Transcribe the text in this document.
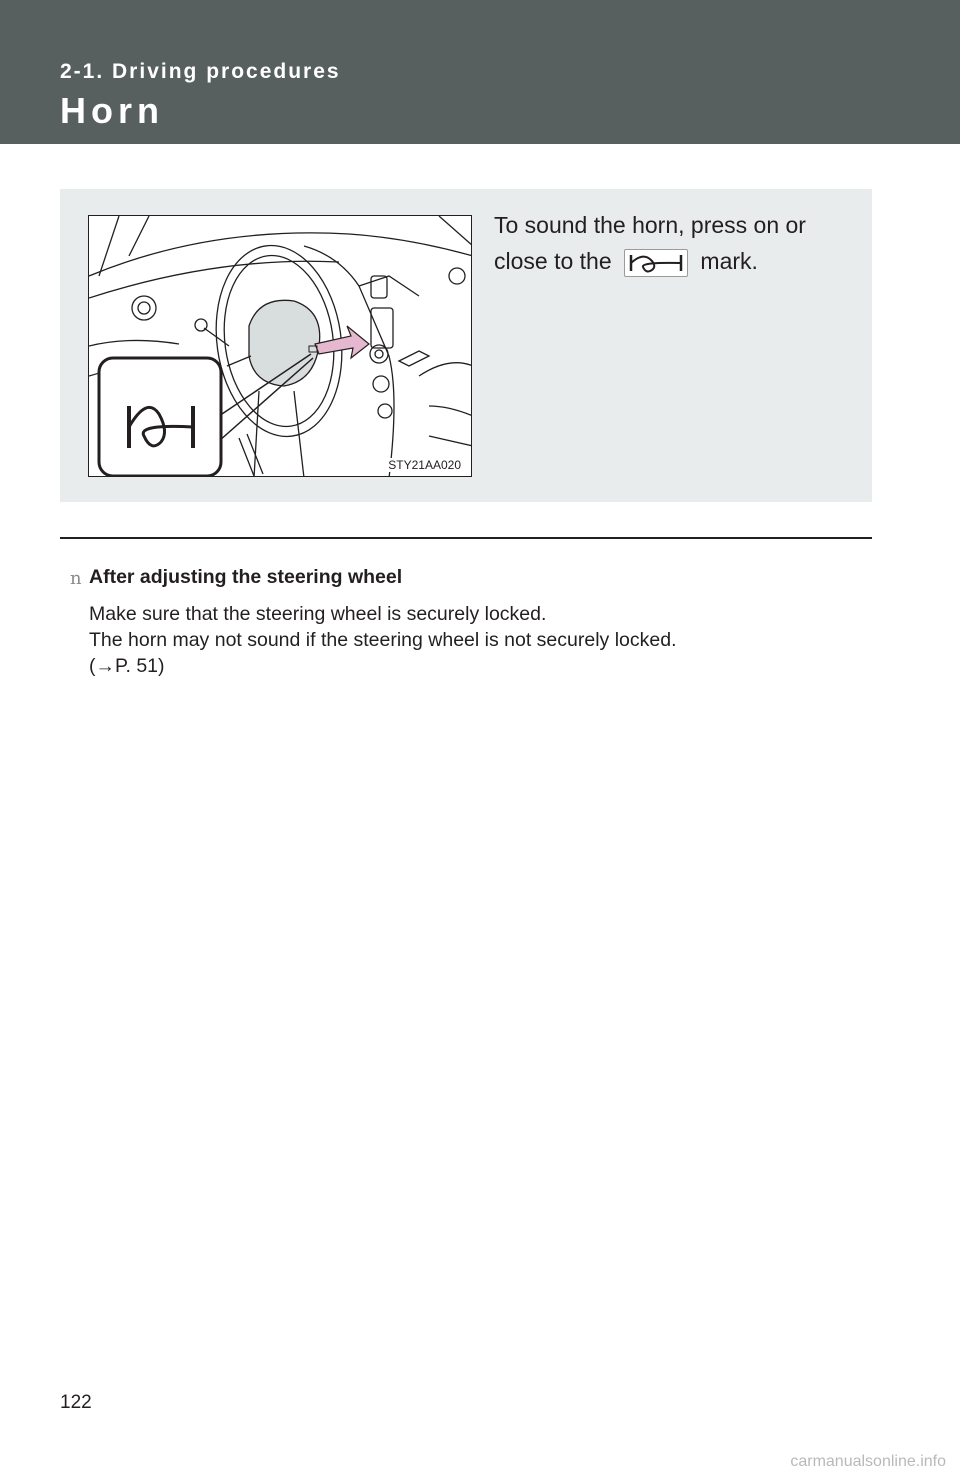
2-1. Driving procedures
Horn
STY21AA020
To sound the horn, press on or close to the	mark.
n After adjusting the steering wheel
Make sure that the steering wheel is securely locked.
The horn may not sound if the steering wheel is not securely locked.
(→P. 51)
122
carmanualsonline.info
